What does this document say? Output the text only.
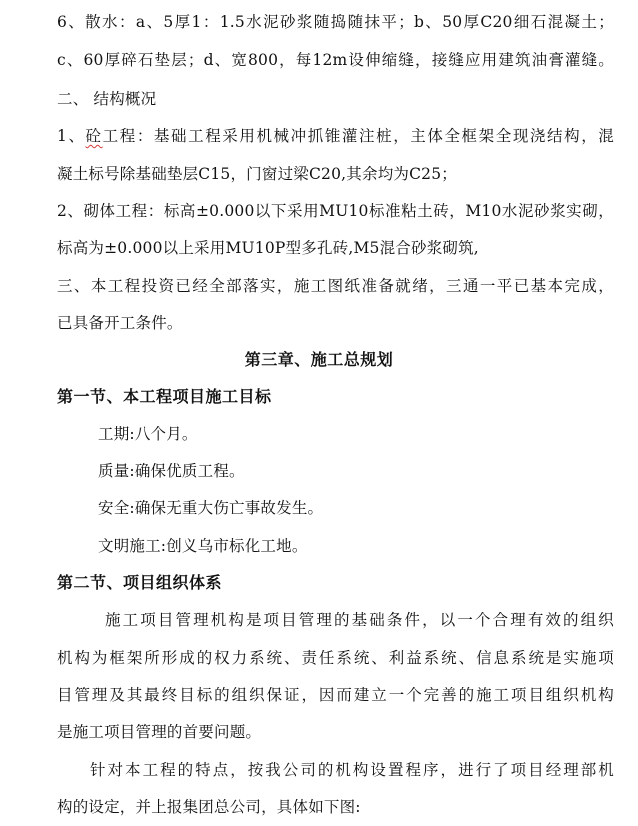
6、散水：a、5厚1：1.5水泥砂浆随捣随抹平；b、50厚C20细石混凝土；
c、60厚碎石垫层；d、宽800，每12m设伸缩缝，接缝应用建筑油膏灌缝。
二、 结构概况
1、砼工程：基础工程采用机械冲抓锥灌注桩，主体全框架全现浇结构，混
凝土标号除基础垫层C15，门窗过梁C20,其余均为C25；
2、砌体工程：标高±0.000以下采用MU10标准粘土砖，M10水泥砂浆实砌，
标高为±0.000以上采用MU10P型多孔砖,M5混合砂浆砌筑,
三、本工程投资已经全部落实，施工图纸准备就绪，三通一平已基本完成，
已具备开工条件。
第三章、施工总规划
第一节、本工程项目施工目标
工期:八个月。
质量:确保优质工程。
安全:确保无重大伤亡事故发生。
文明施工:创义乌市标化工地。
第二节、项目组织体系
施工项目管理机构是项目管理的基础条件，以一个合理有效的组织
机构为框架所形成的权力系统、责任系统、利益系统、信息系统是实施项
目管理及其最终目标的组织保证，因而建立一个完善的施工项目组织机构
是施工项目管理的首要问题。
针对本工程的特点，按我公司的机构设置程序，进行了项目经理部机
构的设定，并上报集团总公司，具体如下图:
